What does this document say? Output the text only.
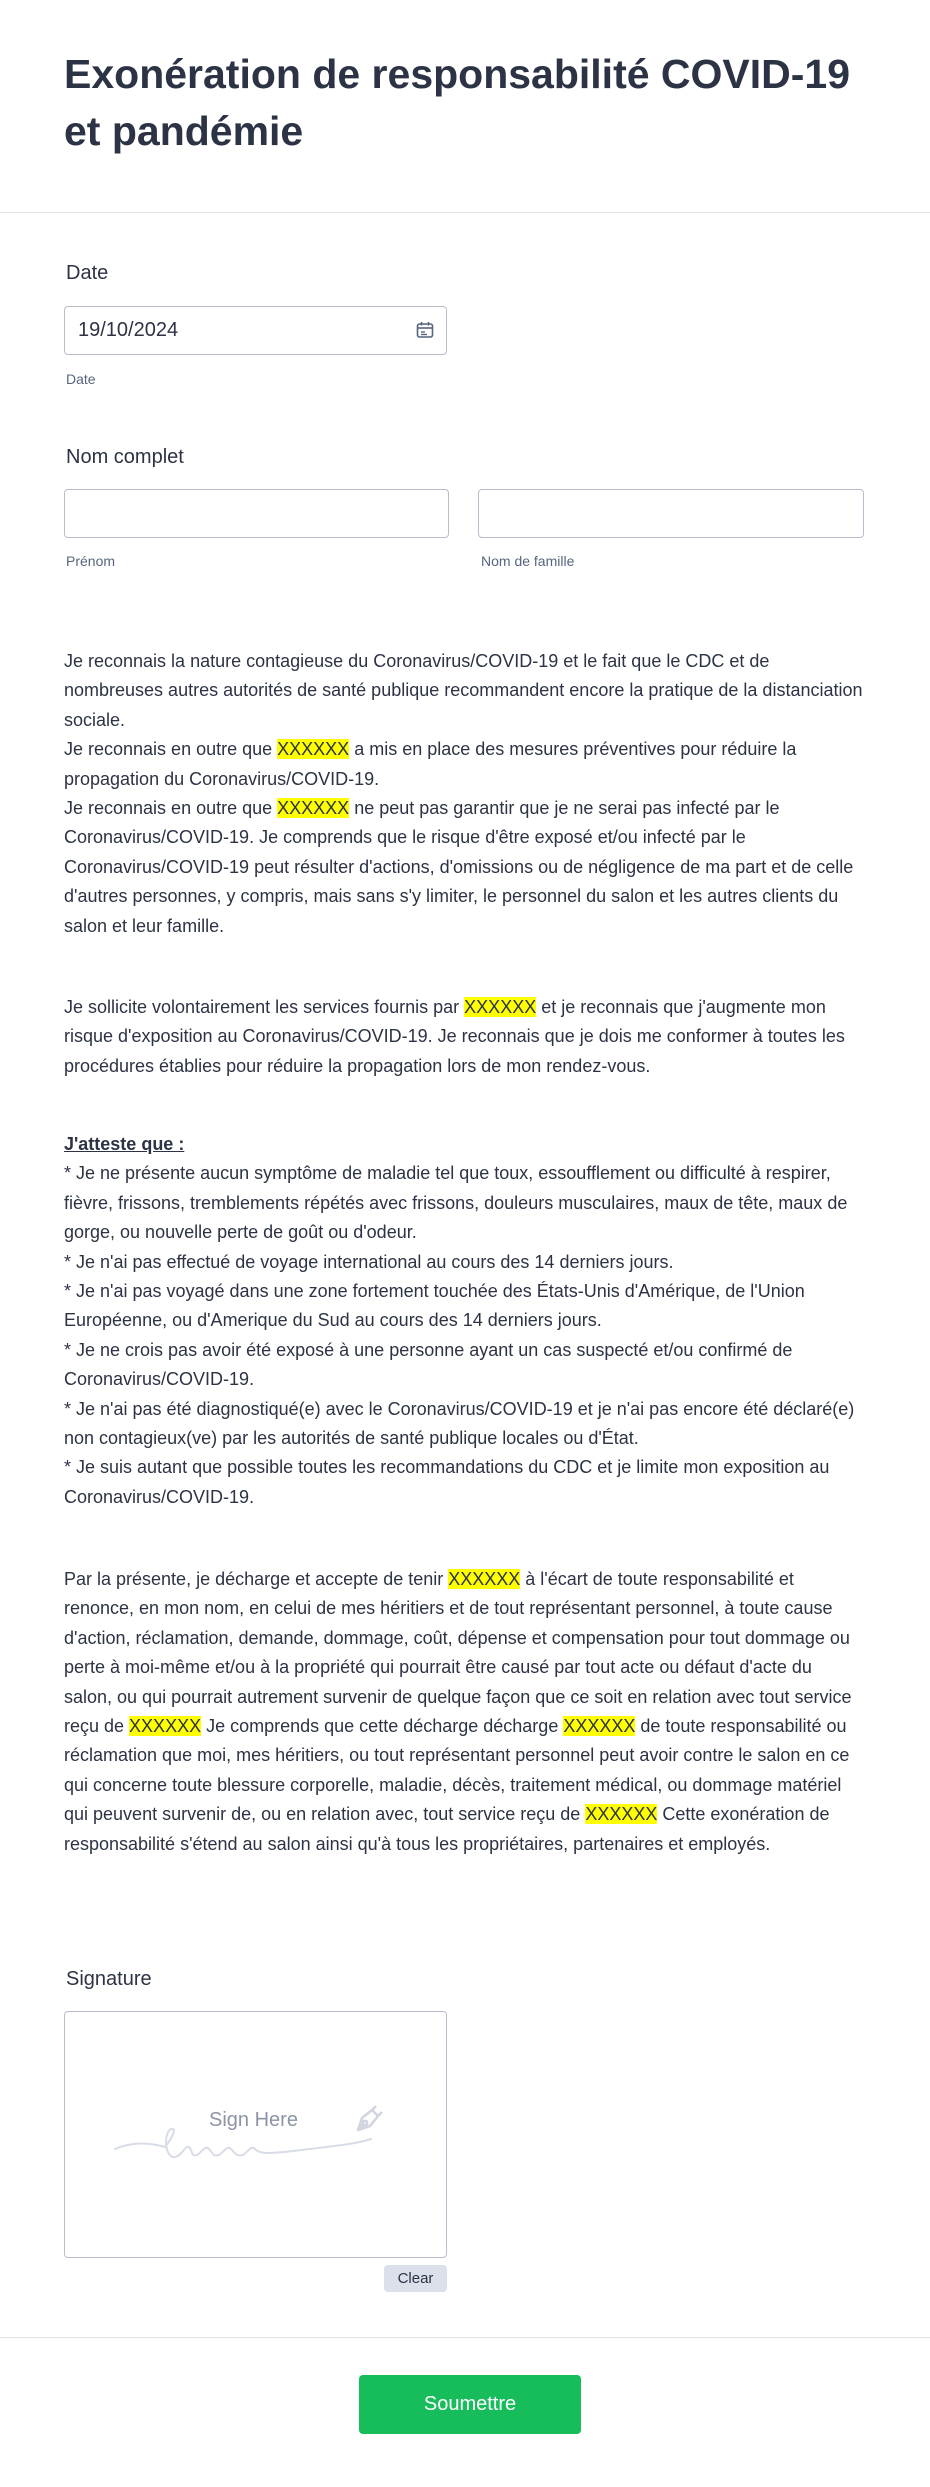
Exonération de responsabilité COVID-19 et pandémie
Date
19/10/2024
Date
Nom complet
Prénom	Nom de famille

Je reconnais la nature contagieuse du Coronavirus/COVID-19 et le fait que le CDC et de nombreuses autres autorités de santé publique recommandent encore la pratique de la distanciation sociale.

Je reconnais en outre que XXXXXX a mis en place des mesures préventives pour réduire la propagation du Coronavirus/COVID-19.

Je reconnais en outre que XXXXXX ne peut pas garantir que je ne serai pas infecté par le Coronavirus/COVID-19. Je comprends que le risque d'être exposé et/ou infecté par le Coronavirus/COVID-19 peut résulter d'actions, d'omissions ou de négligence de ma part et de celle d'autres personnes, y compris, mais sans s'y limiter, le personnel du salon et les autres clients du salon et leur famille.

Je sollicite volontairement les services fournis par XXXXXX et je reconnais que j'augmente mon risque d'exposition au Coronavirus/COVID-19. Je reconnais que je dois me conformer à toutes les procédures établies pour réduire la propagation lors de mon rendez-vous.

J'atteste que :

* Je ne présente aucun symptôme de maladie tel que toux, essoufflement ou difficulté à respirer, fièvre, frissons, tremblements répétés avec frissons, douleurs musculaires, maux de tête, maux de gorge, ou nouvelle perte de goût ou d'odeur.

* Je n'ai pas effectué de voyage international au cours des 14 derniers jours.

* Je n'ai pas voyagé dans une zone fortement touchée des États-Unis d'Amérique, de l'Union Européenne, ou d'Amerique du Sud au cours des 14 derniers jours.

* Je ne crois pas avoir été exposé à une personne ayant un cas suspecté et/ou confirmé de Coronavirus/COVID-19.

* Je n'ai pas été diagnostiqué(e) avec le Coronavirus/COVID-19 et je n'ai pas encore été déclaré(e) non contagieux(ve) par les autorités de santé publique locales ou d'État.

* Je suis autant que possible toutes les recommandations du CDC et je limite mon exposition au Coronavirus/COVID-19.

Par la présente, je décharge et accepte de tenir XXXXXX à l'écart de toute responsabilité et renonce, en mon nom, en celui de mes héritiers et de tout représentant personnel, à toute cause d'action, réclamation, demande, dommage, coût, dépense et compensation pour tout dommage ou perte à moi-même et/ou à la propriété qui pourrait être causé par tout acte ou défaut d'acte du salon, ou qui pourrait autrement survenir de quelque façon que ce soit en relation avec tout service reçu de XXXXXX Je comprends que cette décharge décharge XXXXXX de toute responsabilité ou réclamation que moi, mes héritiers, ou tout représentant personnel peut avoir contre le salon en ce qui concerne toute blessure corporelle, maladie, décès, traitement médical, ou dommage matériel qui peuvent survenir de, ou en relation avec, tout service reçu de XXXXXX Cette exonération de responsabilité s'étend au salon ainsi qu'à tous les propriétaires, partenaires et employés.

Signature
Sign Here
Clear
Soumettre
